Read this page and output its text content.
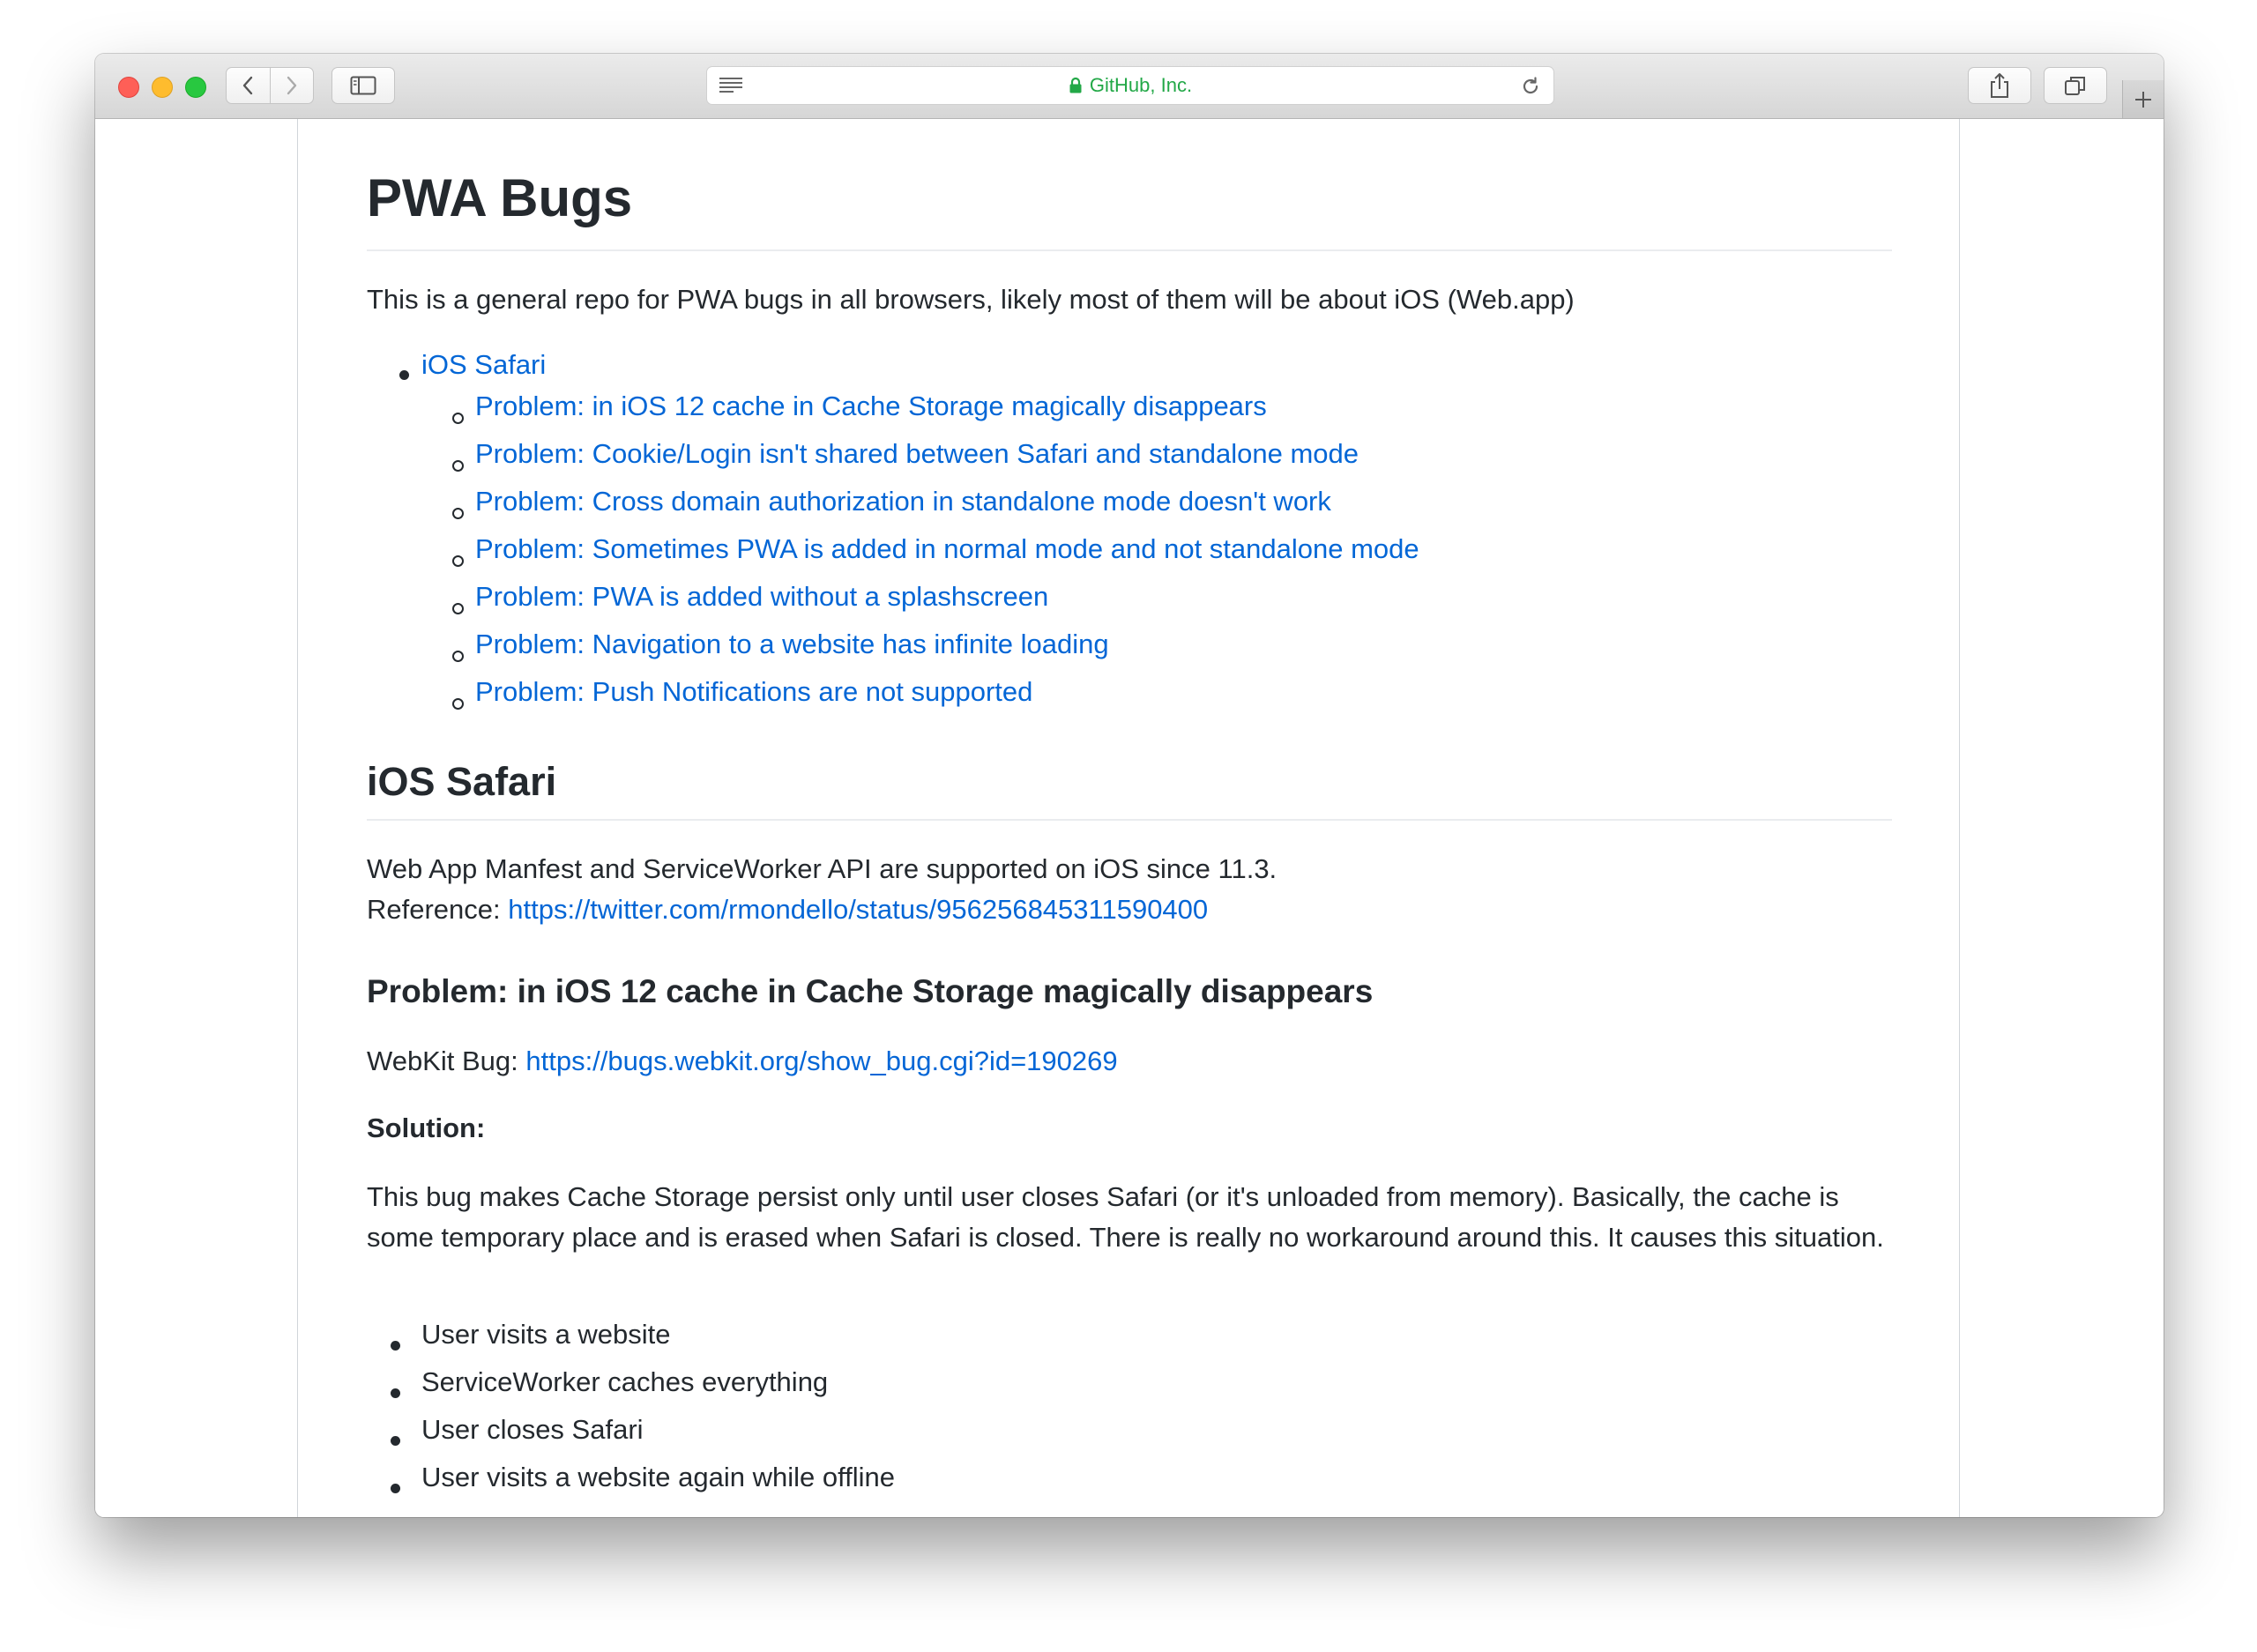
GitHub, Inc.
PWA Bugs

This is a general repo for PWA bugs in all browsers, likely most of them will be about iOS (Web.app)

iOS Safari
Problem: in iOS 12 cache in Cache Storage magically disappears
Problem: Cookie/Login isn't shared between Safari and standalone mode
Problem: Cross domain authorization in standalone mode doesn't work
Problem: Sometimes PWA is added in normal mode and not standalone mode
Problem: PWA is added without a splashscreen
Problem: Navigation to a website has infinite loading
Problem: Push Notifications are not supported
iOS Safari

Web App Manfest and ServiceWorker API are supported on iOS since 11.3.

Reference: https://twitter.com/rmondello/status/956256845311590400

Problem: in iOS 12 cache in Cache Storage magically disappears

WebKit Bug: https://bugs.webkit.org/show_bug.cgi?id=190269

Solution:

This bug makes Cache Storage persist only until user closes Safari (or it's unloaded from memory). Basically, the cache is some temporary place and is erased when Safari is closed. There is really no workaround around this. It causes this situation.

User visits a website
ServiceWorker caches everything
User closes Safari
User visits a website again while offline
